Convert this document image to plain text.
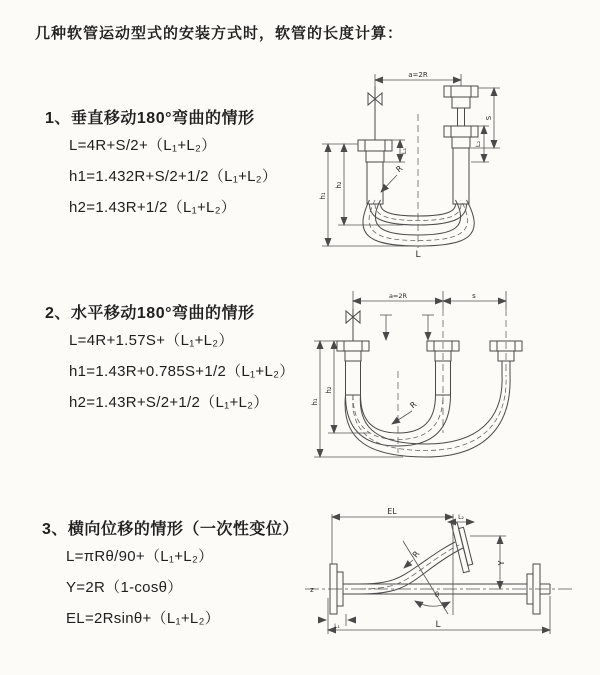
几种软管运动型式的安装方式时，软管的长度计算：
1、垂直移动180°弯曲的情形
L=4R+S/2+（L₁+L₂）
h1=1.432R+S/2+1/2（L₁+L₂）
h2=1.43R+1/2（L₁+L₂）
2、水平移动180°弯曲的情形
L=4R+1.57S+（L₁+L₂）
h1=1.43R+0.785S+1/2（L₁+L₂）
h2=1.43R+S/2+1/2（L₁+L₂）
3、横向位移的情形（一次性变位）
L=πRθ/90+（L₁+L₂）
Y=2R（1-cosθ）
EL=2Rsinθ+（L₁+L₂）
a=2R
h₁
h₂
L₁
S
L₂
R
L
a=2R	s
h₁
h₂
R
z
EL
L₂
θ
R
Y
L
L₁
